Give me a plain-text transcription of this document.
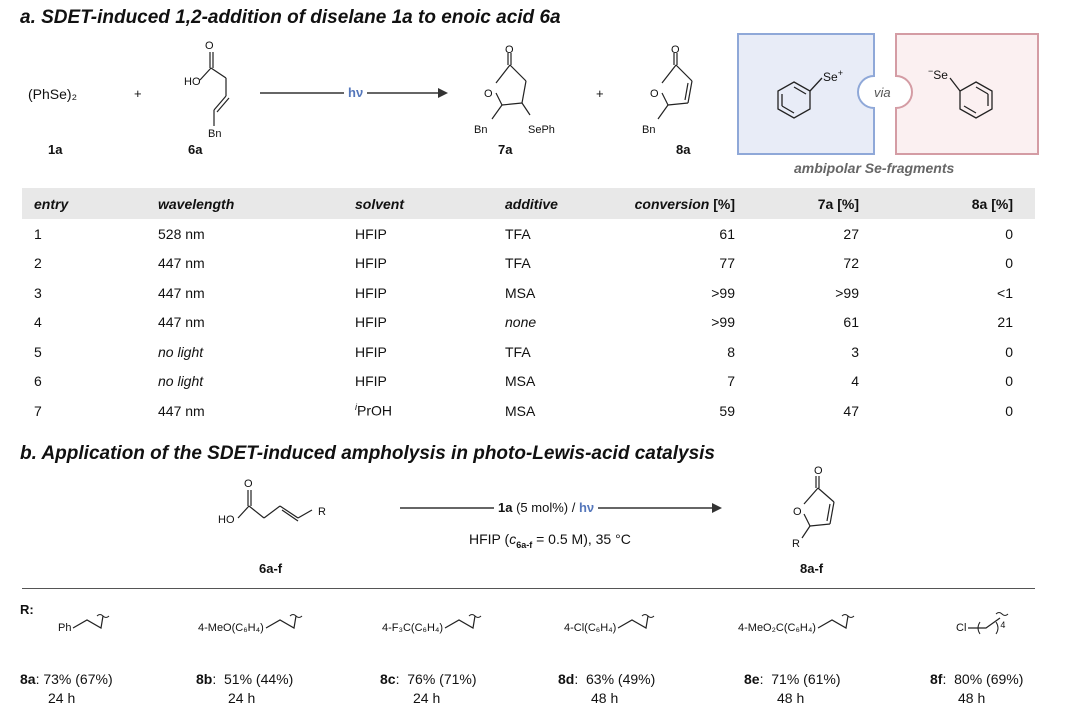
a. SDET-induced 1,2-addition of diselane 1a to enoic acid 6a
(PhSe)₂
1a
+
O
HO
Bn
6a
hν
O
O
Bn	SePh
7a
+
O
O
Bn
8a
Se+	−Se
via
ambipolar Se-fragments
entry	wavelength	solvent	additive	conversion [%]	7a [%]	8a [%]
1	528 nm	HFIP	TFA	61	27	0
2	447 nm	HFIP	TFA	77	72	0
3	447 nm	HFIP	MSA	>99	>99	<1
4	447 nm	HFIP	none	>99	61	21
5	no light	HFIP	TFA	8	3	0
6	no light	HFIP	MSA	7	4	0
7	447 nm	$^i$PrOH	MSA	59	47	0
b. Application of the SDET-induced ampholysis in photo-Lewis-acid catalysis
O
HO
R
6a-f
1a (5 mol%) / hν
HFIP ($c_{6a-f} = 0.5$ M), 35 °C
O
O
R
8a-f
R:
Ph	4-MeO(C₆H₄)	4-F₃C(C₆H₄)	4-Cl(C₆H₄)	4-MeO₂C(C₆H₄)	Cl	$_4$
8a: 73% (67%)
24 h
8b:  51% (44%)
24 h
8c:  76% (71%)
24 h
8d:  63% (49%)
48 h
8e:  71% (61%)
48 h
8f:  80% (69%)
48 h
